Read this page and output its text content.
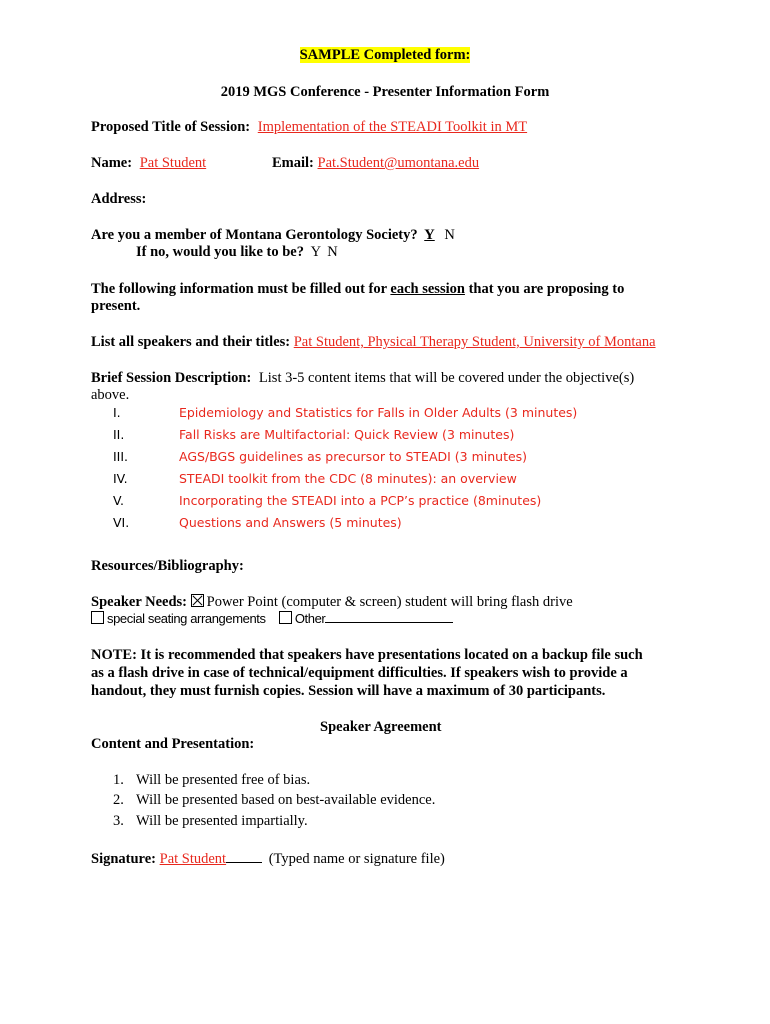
SAMPLE Completed form:
2019 MGS Conference - Presenter Information Form
Proposed Title of Session: Implementation of the STEADI Toolkit in MT
Name: Pat Student	Email: Pat.Student@umontana.edu
Address:
Are you a member of Montana Gerontology Society? Y N
If no, would you like to be? Y N
The following information must be filled out for each session that you are proposing to
present.
List all speakers and their titles: Pat Student, Physical Therapy Student, University of Montana
Brief Session Description: List 3-5 content items that will be covered under the objective(s)
above.
I.	Epidemiology and Statistics for Falls in Older Adults (3 minutes)
II.	Fall Risks are Multifactorial: Quick Review (3 minutes)
III.	AGS/BGS guidelines as precursor to STEADI (3 minutes)
IV.	STEADI toolkit from the CDC (8 minutes): an overview
V.	Incorporating the STEADI into a PCP’s practice (8minutes)
VI.	Questions and Answers (5 minutes)
Resources/Bibliography:
Speaker Needs: Power Point (computer & screen) student will bring flash drive
special seating arrangements Other
NOTE: It is recommended that speakers have presentations located on a backup file such
as a flash drive in case of technical/equipment difficulties. If speakers wish to provide a
handout, they must furnish copies. Session will have a maximum of 30 participants.
Speaker Agreement
Content and Presentation:
1. Will be presented free of bias.
2. Will be presented based on best-available evidence.
3. Will be presented impartially.
Signature: Pat Student	(Typed name or signature file)
